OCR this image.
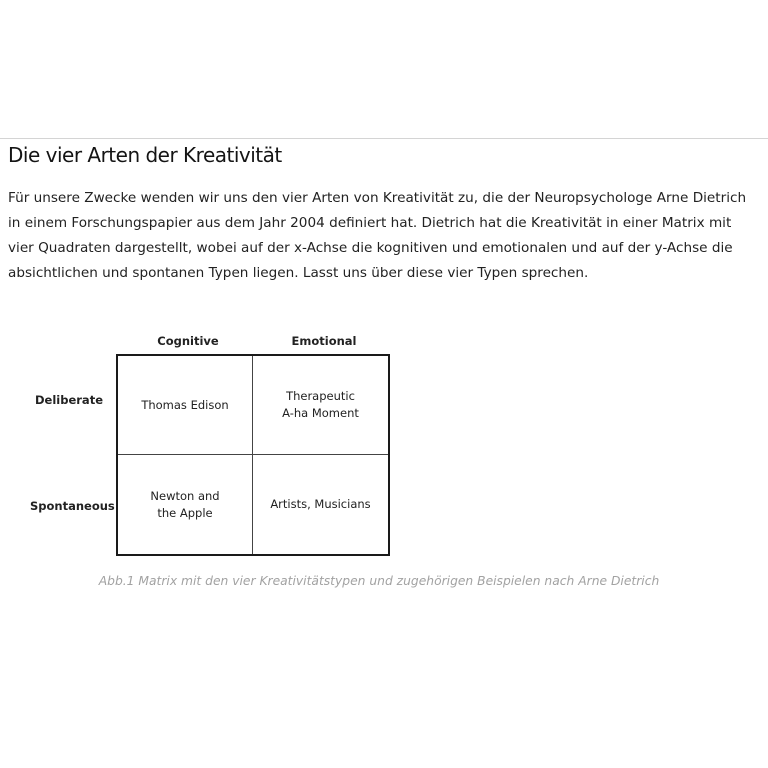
Die vier Arten der Kreativität

Für unsere Zwecke wenden wir uns den vier Arten von Kreativität zu, die der Neuropsychologe Arne Dietrich in einem Forschungspapier aus dem Jahr 2004 definiert hat. Dietrich hat die Kreativität in einer Matrix mit vier Quadraten dargestellt, wobei auf der x-Achse die kognitiven und emotionalen und auf der y-Achse die absichtlichen und spontanen Typen liegen. Lasst uns über diese vier Typen sprechen.

Cognitive	Emotional
Deliberate
Spontaneous
Thomas Edison
Therapeutic
A-ha Moment
Newton and
the Apple
Artists, Musicians

Abb.1 Matrix mit den vier Kreativitätstypen und zugehörigen Beispielen nach Arne Dietrich
